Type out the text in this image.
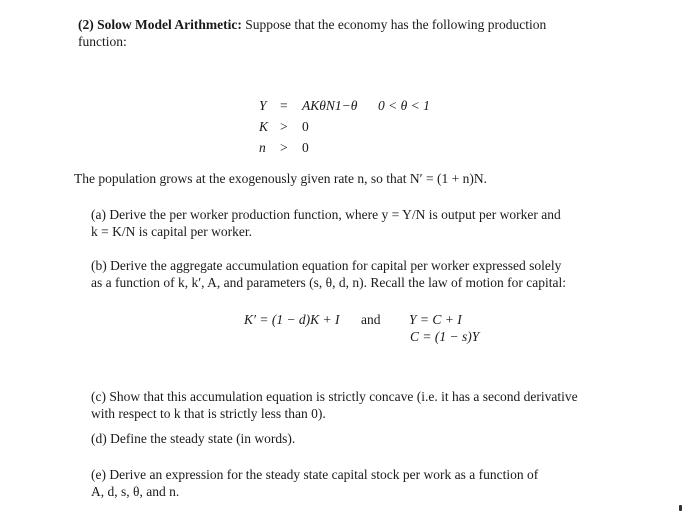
(2) Solow Model Arithmetic: Suppose that the economy has the following production
function:
Y = AKθN1−θ 0 < θ < 1
K > 0
n > 0
The population grows at the exogenously given rate n, so that N′ = (1 + n)N.
(a) Derive the per worker production function, where y = Y/N is output per worker and
k = K/N is capital per worker.
(b) Derive the aggregate accumulation equation for capital per worker expressed solely
as a function of k, k′, A, and parameters (s, θ, d, n). Recall the law of motion for capital:
K′ = (1 − d)K + I and Y = C + I
C = (1 − s)Y
(c) Show that this accumulation equation is strictly concave (i.e. it has a second derivative
with respect to k that is strictly less than 0).
(d) Define the steady state (in words).
(e) Derive an expression for the steady state capital stock per work as a function of
A, d, s, θ, and n.
